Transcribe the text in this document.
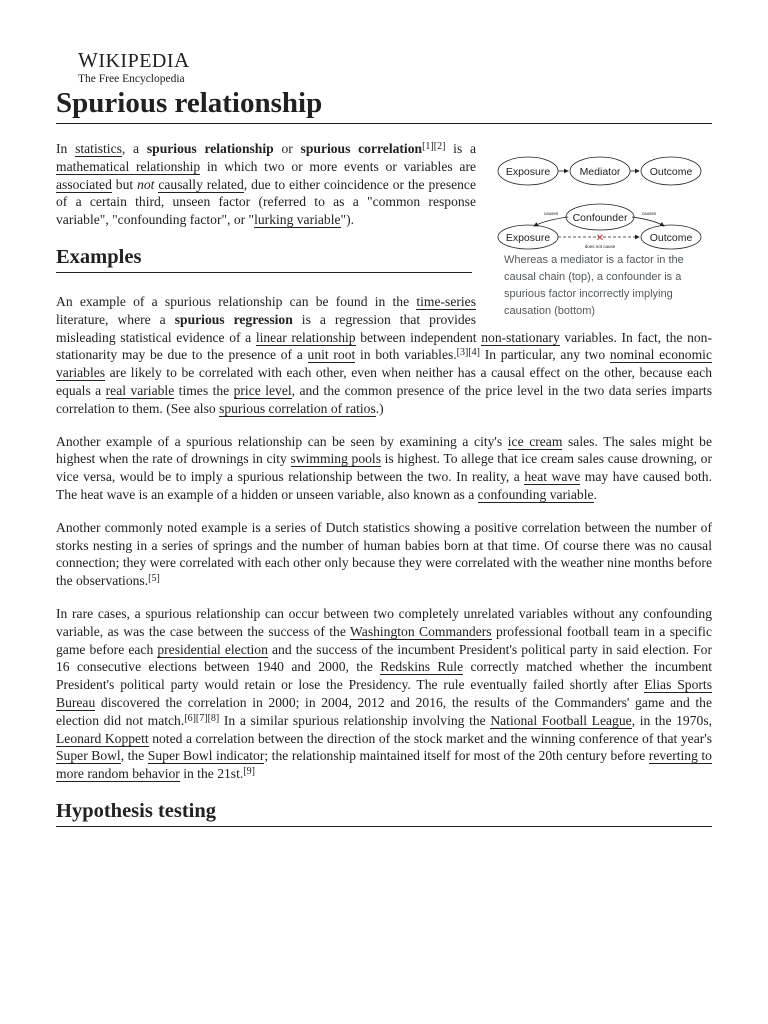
WIKIPEDIA
The Free Encyclopedia
Spurious relationship
Exposure	Mediator	Outcome
✕
does not cause
causes	causes
Confounder
Exposure	Outcome
Whereas a mediator is a factor in the causal chain (top), a confounder is a spurious factor incorrectly implying causation (bottom)

In statistics, a spurious relationship or spurious correlation[1][2] is a mathematical relationship in which two or more events or variables are associated but not causally related, due to either coincidence or the presence of a certain third, unseen factor (referred to as a "common response variable", "confounding factor", or "lurking variable").

Examples

An example of a spurious relationship can be found in the time-series literature, where a spurious regression is a regression that provides misleading statistical evidence of a linear relationship between independent non-stationary variables. In fact, the non-stationarity may be due to the presence of a unit root in both variables.[3][4] In particular, any two nominal economic variables are likely to be correlated with each other, even when neither has a causal effect on the other, because each equals a real variable times the price level, and the common presence of the price level in the two data series imparts correlation to them. (See also spurious correlation of ratios.)

Another example of a spurious relationship can be seen by examining a city's ice cream sales. The sales might be highest when the rate of drownings in city swimming pools is highest. To allege that ice cream sales cause drowning, or vice versa, would be to imply a spurious relationship between the two. In reality, a heat wave may have caused both. The heat wave is an example of a hidden or unseen variable, also known as a confounding variable.

Another commonly noted example is a series of Dutch statistics showing a positive correlation between the number of storks nesting in a series of springs and the number of human babies born at that time. Of course there was no causal connection; they were correlated with each other only because they were correlated with the weather nine months before the observations.[5]

In rare cases, a spurious relationship can occur between two completely unrelated variables without any confounding variable, as was the case between the success of the Washington Commanders professional football team in a specific game before each presidential election and the success of the incumbent President's political party in said election. For 16 consecutive elections between 1940 and 2000, the Redskins Rule correctly matched whether the incumbent President's political party would retain or lose the Presidency. The rule eventually failed shortly after Elias Sports Bureau discovered the correlation in 2000; in 2004, 2012 and 2016, the results of the Commanders' game and the election did not match.[6][7][8] In a similar spurious relationship involving the National Football League, in the 1970s, Leonard Koppett noted a correlation between the direction of the stock market and the winning conference of that year's Super Bowl, the Super Bowl indicator; the relationship maintained itself for most of the 20th century before reverting to more random behavior in the 21st.[9]

Hypothesis testing
